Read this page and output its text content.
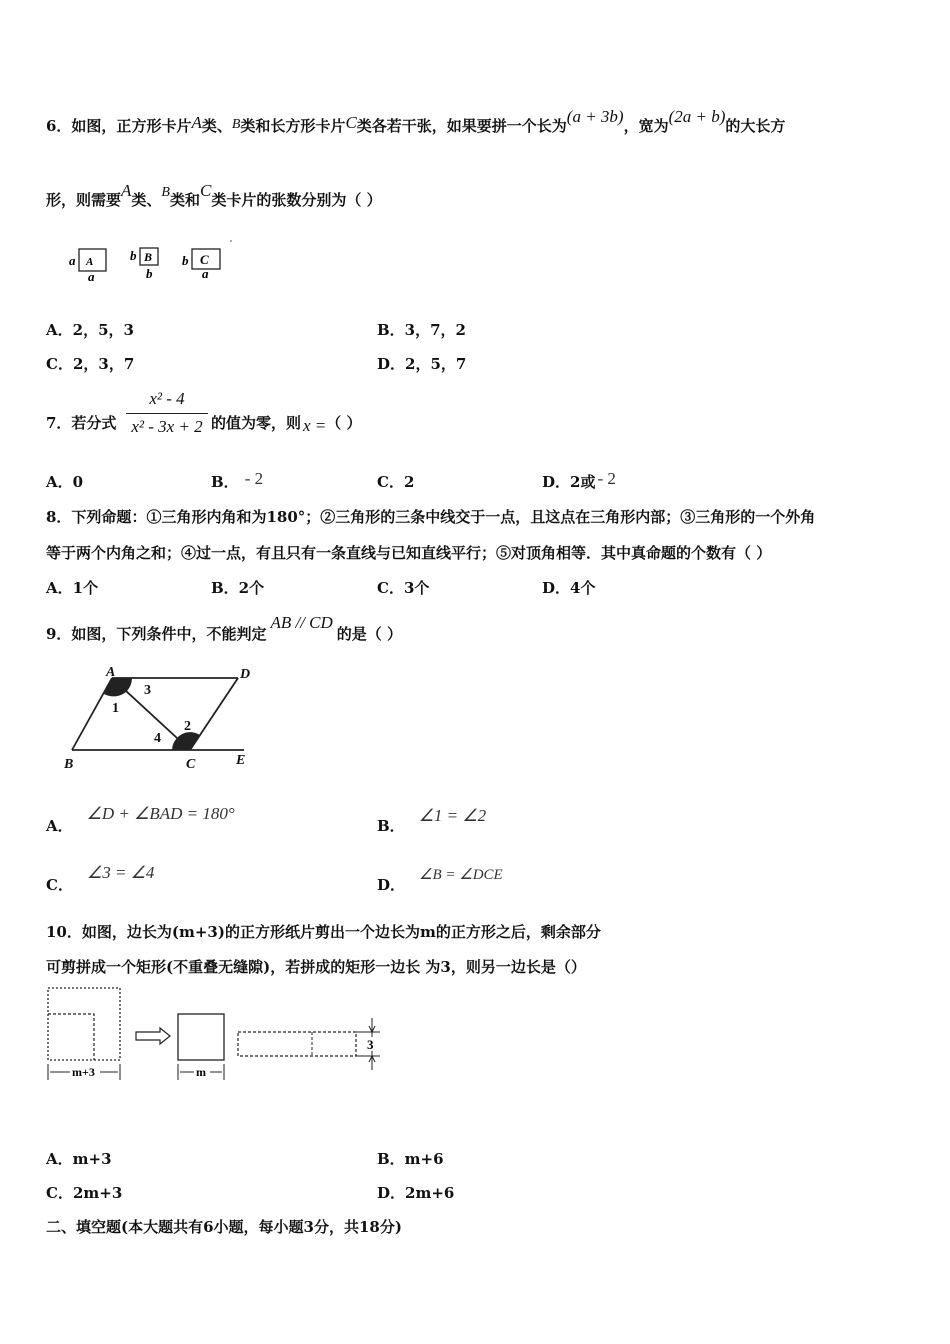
6．如图，正方形卡片A类、B类和长方形卡片C类各若干张，如果要拼一个长为(a + 3b)，宽为(2a + b)的大长方
形，则需要A类、B类和C类卡片的张数分别为（ ）
a A
a
b B
b
b C
a
A．2，5，3	B．3，7，2
C．2，3，7	D．2，5，7
7．若分式
x² - 4
x² - 3x + 2 的值为零，则 x =（ ）
A．0	B． - 2	C．2	D．2或 - 2
8．下列命题：①三角形内角和为180°；②三角形的三条中线交于一点，且这点在三角形内部；③三角形的一个外角
等于两个内角之和；④过一点，有且只有一条直线与已知直线平行；⑤对顶角相等．其中真命题的个数有（ ）
A．1个	B．2个	C．3个	D．4个
9．如图，下列条件中，不能判定AB // CD的是（ ）
A	D
B	C	E
1
2
3
4
A．∠D + ∠BAD = 180°
B．∠1 = ∠2
C．∠3 = ∠4
D．∠B = ∠DCE
10．如图，边长为(m+3)的正方形纸片剪出一个边长为m的正方形之后，剩余部分
可剪拼成一个矩形(不重叠无缝隙)，若拼成的矩形一边长 为3，则另一边长是（）
m+3	m
3
A．m+3	B．m+6
C．2m+3	D．2m+6
二、填空题(本大题共有6小题，每小题3分，共18分)
